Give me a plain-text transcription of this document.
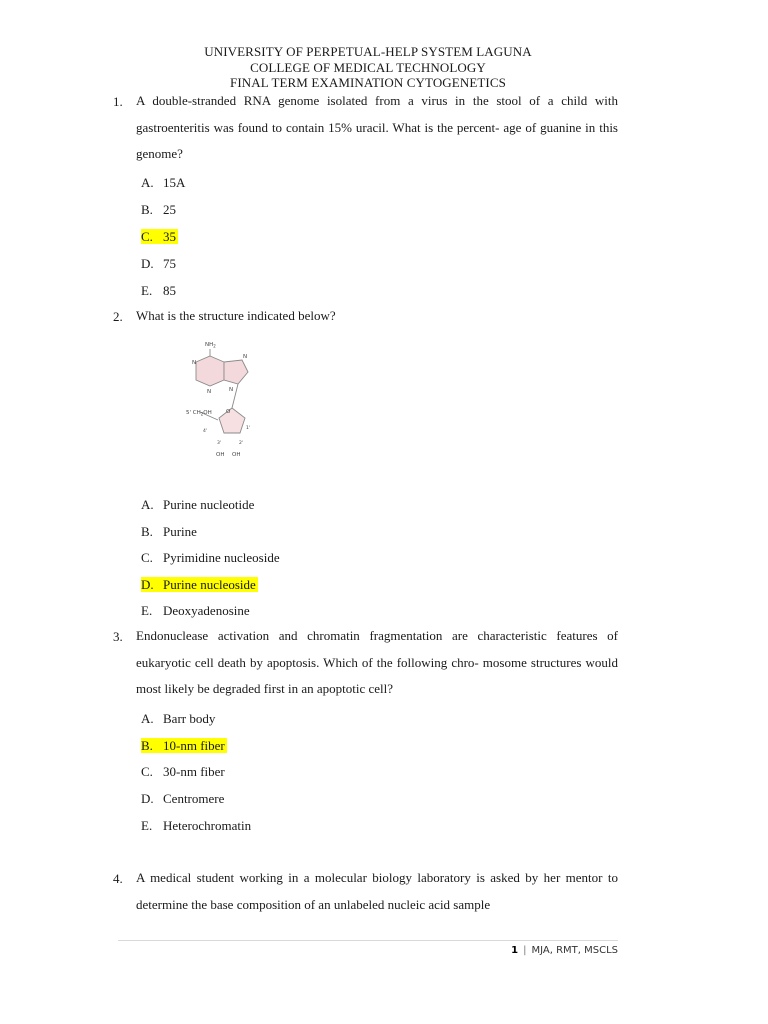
UNIVERSITY OF PERPETUAL-HELP SYSTEM LAGUNA
COLLEGE OF MEDICAL TECHNOLOGY
FINAL TERM EXAMINATION CYTOGENETICS
1. A double-stranded RNA genome isolated from a virus in the stool of a child with gastroenteritis was found to contain 15% uracil. What is the percent- age of guanine in this genome?
A. 15A
B. 25
C. 35
D. 75
E. 85
2. What is the structure indicated below?
$NH_2$
N
N
N
N
5' $CH_2OH$	O
1'
4'
3'	2'
OH OH
A. Purine nucleotide
B. Purine
C. Pyrimidine nucleoside
D. Purine nucleoside
E. Deoxyadenosine
3. Endonuclease activation and chromatin fragmentation are characteristic features of eukaryotic cell death by apoptosis. Which of the following chro- mosome structures would most likely be degraded first in an apoptotic cell?
A. Barr body
B. 10-nm fiber
C. 30-nm fiber
D. Centromere
E. Heterochromatin
4. A medical student working in a molecular biology laboratory is asked by her mentor to determine the base composition of an unlabeled nucleic acid sample
1 | MJA, RMT, MSCLS
